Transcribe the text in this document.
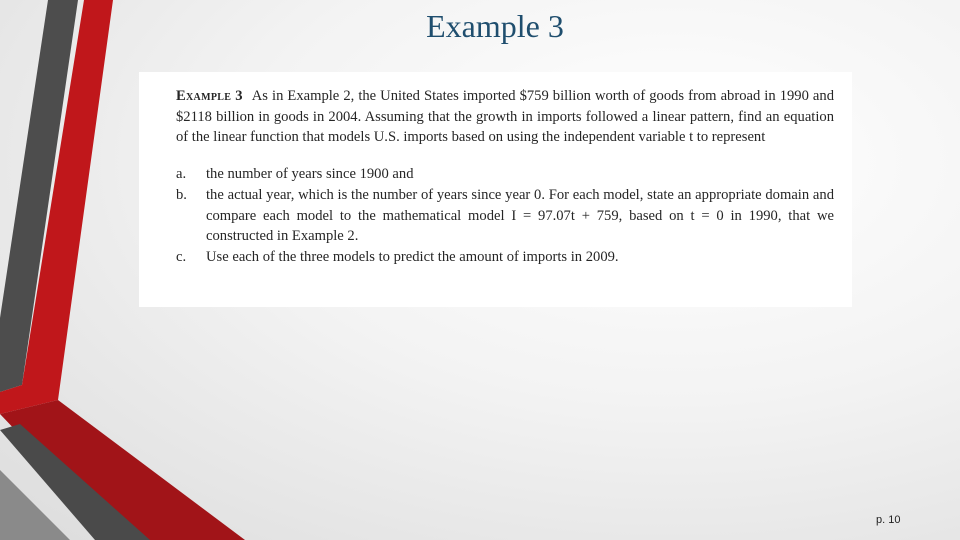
Example 3

Example 3 As in Example 2, the United States imported $759 billion worth of goods from abroad in 1990 and $2118 billion in goods in 2004. Assuming that the growth in imports followed a linear pattern, find an equation of the linear function that models U.S. imports based on using the independent variable t to represent

a.	the number of years since 1900 and
b.	the actual year, which is the number of years since year 0. For each model, state an appropriate domain and compare each model to the mathematical model I = 97.07t + 759, based on t = 0 in 1990, that we constructed in Example 2.
c.	Use each of the three models to predict the amount of imports in 2009.
p. 10
